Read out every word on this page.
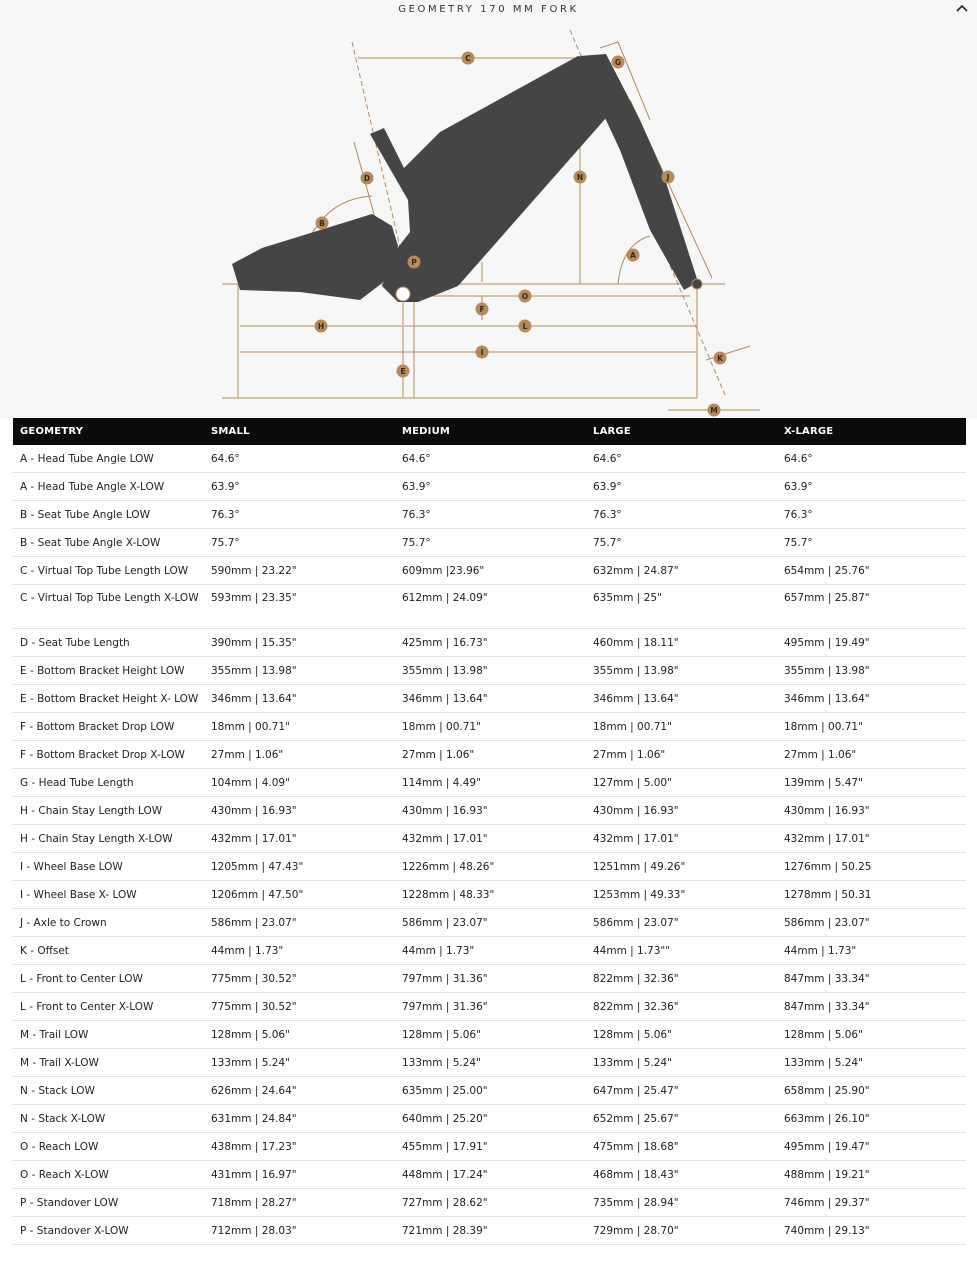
GEOMETRY 170 MM FORK
A
B
C
D
E
F
G
H
I
J
K
L
M
N
O
P
GEOMETRY	SMALL	MEDIUM	LARGE	X-LARGE
A - Head Tube Angle LOW	64.6°	64.6°	64.6°	64.6°
A - Head Tube Angle X-LOW	63.9°	63.9°	63.9°	63.9°
B - Seat Tube Angle LOW	76.3°	76.3°	76.3°	76.3°
B - Seat Tube Angle X-LOW	75.7°	75.7°	75.7°	75.7°
C - Virtual Top Tube Length LOW	590mm | 23.22"	609mm |23.96"	632mm | 24.87"	654mm | 25.76"
C - Virtual Top Tube Length X-LOW	593mm | 23.35"	612mm | 24.09"	635mm | 25"	657mm | 25.87"
D - Seat Tube Length	390mm | 15.35"	425mm | 16.73"	460mm | 18.11"	495mm | 19.49"
E - Bottom Bracket Height LOW	355mm | 13.98"	355mm | 13.98"	355mm | 13.98"	355mm | 13.98"
E - Bottom Bracket Height X- LOW	346mm | 13.64"	346mm | 13.64"	346mm | 13.64"	346mm | 13.64"
F - Bottom Bracket Drop LOW	18mm | 00.71"	18mm | 00.71"	18mm | 00.71"	18mm | 00.71"
F - Bottom Bracket Drop X-LOW	27mm | 1.06"	27mm | 1.06"	27mm | 1.06"	27mm | 1.06"
G - Head Tube Length	104mm | 4.09"	114mm | 4.49"	127mm | 5.00"	139mm | 5.47"
H - Chain Stay Length LOW	430mm | 16.93"	430mm | 16.93"	430mm | 16.93"	430mm | 16.93"
H - Chain Stay Length X-LOW	432mm | 17.01"	432mm | 17.01"	432mm | 17.01"	432mm | 17.01"
I - Wheel Base LOW	1205mm | 47.43"	1226mm | 48.26"	1251mm | 49.26"	1276mm | 50.25
I - Wheel Base X- LOW	1206mm | 47.50"	1228mm | 48.33"	1253mm | 49.33"	1278mm | 50.31
J - Axle to Crown	586mm | 23.07"	586mm | 23.07"	586mm | 23.07"	586mm | 23.07"
K - Offset	44mm | 1.73"	44mm | 1.73"	44mm | 1.73""	44mm | 1.73"
L - Front to Center LOW	775mm | 30.52"	797mm | 31.36"	822mm | 32.36"	847mm | 33.34"
L - Front to Center X-LOW	775mm | 30.52"	797mm | 31.36"	822mm | 32.36"	847mm | 33.34"
M - Trail LOW	128mm | 5.06"	128mm | 5.06"	128mm | 5.06"	128mm | 5.06"
M - Trail X-LOW	133mm | 5.24"	133mm | 5.24"	133mm | 5.24"	133mm | 5.24"
N - Stack LOW	626mm | 24.64"	635mm | 25.00"	647mm | 25.47"	658mm | 25.90"
N - Stack X-LOW	631mm | 24.84"	640mm | 25.20"	652mm | 25.67"	663mm | 26.10"
O - Reach LOW	438mm | 17.23"	455mm | 17.91"	475mm | 18.68"	495mm | 19.47"
O - Reach X-LOW	431mm | 16.97"	448mm | 17.24"	468mm | 18.43"	488mm | 19.21"
P - Standover LOW	718mm | 28.27"	727mm | 28.62"	735mm | 28.94"	746mm | 29.37"
P - Standover X-LOW	712mm | 28.03"	721mm | 28.39"	729mm | 28.70"	740mm | 29.13"
